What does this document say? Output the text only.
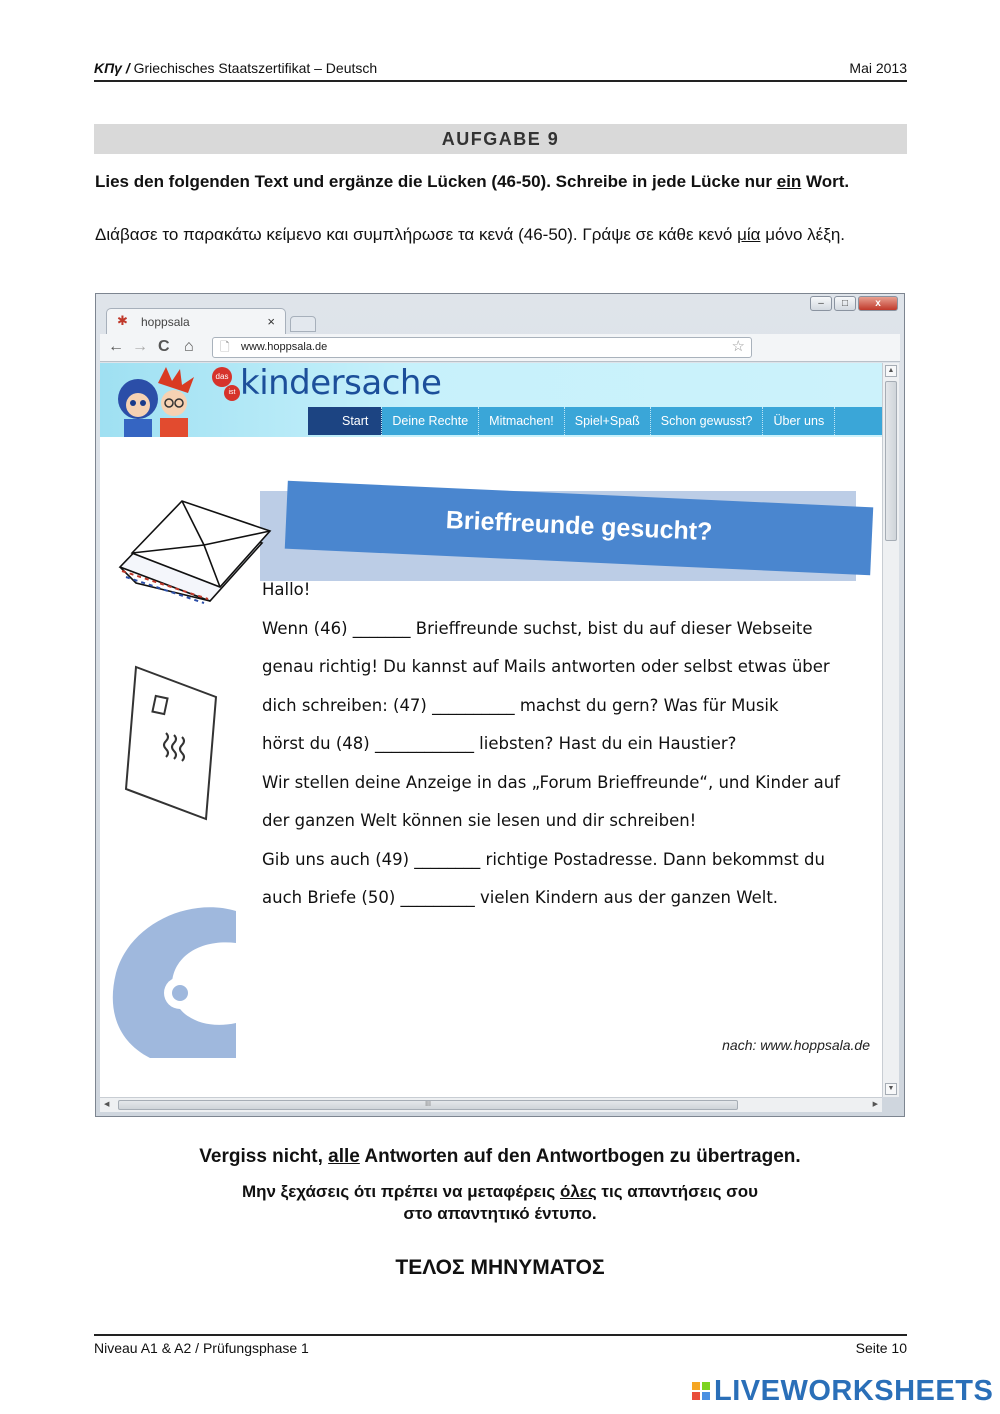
ΚΠγ / Griechisches Staatszertifikat – Deutsch	Mai 2013
AUFGABE 9

Lies den folgenden Text und ergänze die Lücken (46-50). Schreibe in jede Lücke nur ein Wort.

Διάβασε το παρακάτω κείμενο και συμπλήρωσε τα κενά (46-50). Γράψε σε κάθε κενό μία μόνο λέξη.

–	□	x
✱ hoppsala	×
← → C ⌂ 🗋 www.hoppsala.de	☆
das
ist kindersache
Start	Deine Rechte	Mitmachen!	Spiel+Spaß	Schon gewusst?	Über uns
Brieffreunde gesucht?
Hallo!
Wenn (46) _______ Brieffreunde suchst, bist du auf dieser Webseite
genau richtig! Du kannst auf Mails antworten oder selbst etwas über
dich schreiben: (47) __________ machst du gern? Was für Musik
hörst du (48) ____________ liebsten? Hast du ein Haustier?
Wir stellen deine Anzeige in das „Forum Brieffreunde“, und Kinder auf
der ganzen Welt können sie lesen und dir schreiben!
Gib uns auch (49) ________ richtige Postadresse. Dann bekommst du
auch Briefe (50) _________ vielen Kindern aus der ganzen Welt.
nach: www.hoppsala.de
▲
▼
◀	III	▶
Vergiss nicht, alle Antworten auf den Antwortbogen zu übertragen.
Μην ξεχάσεις ότι πρέπει να μεταφέρεις όλες τις απαντήσεις σου
στο απαντητικό έντυπο.
ΤΕΛΟΣ ΜΗΝΥΜΑΤΟΣ
Niveau A1 & A2 / Prüfungsphase 1	Seite 10
LIVEWORKSHEETS
